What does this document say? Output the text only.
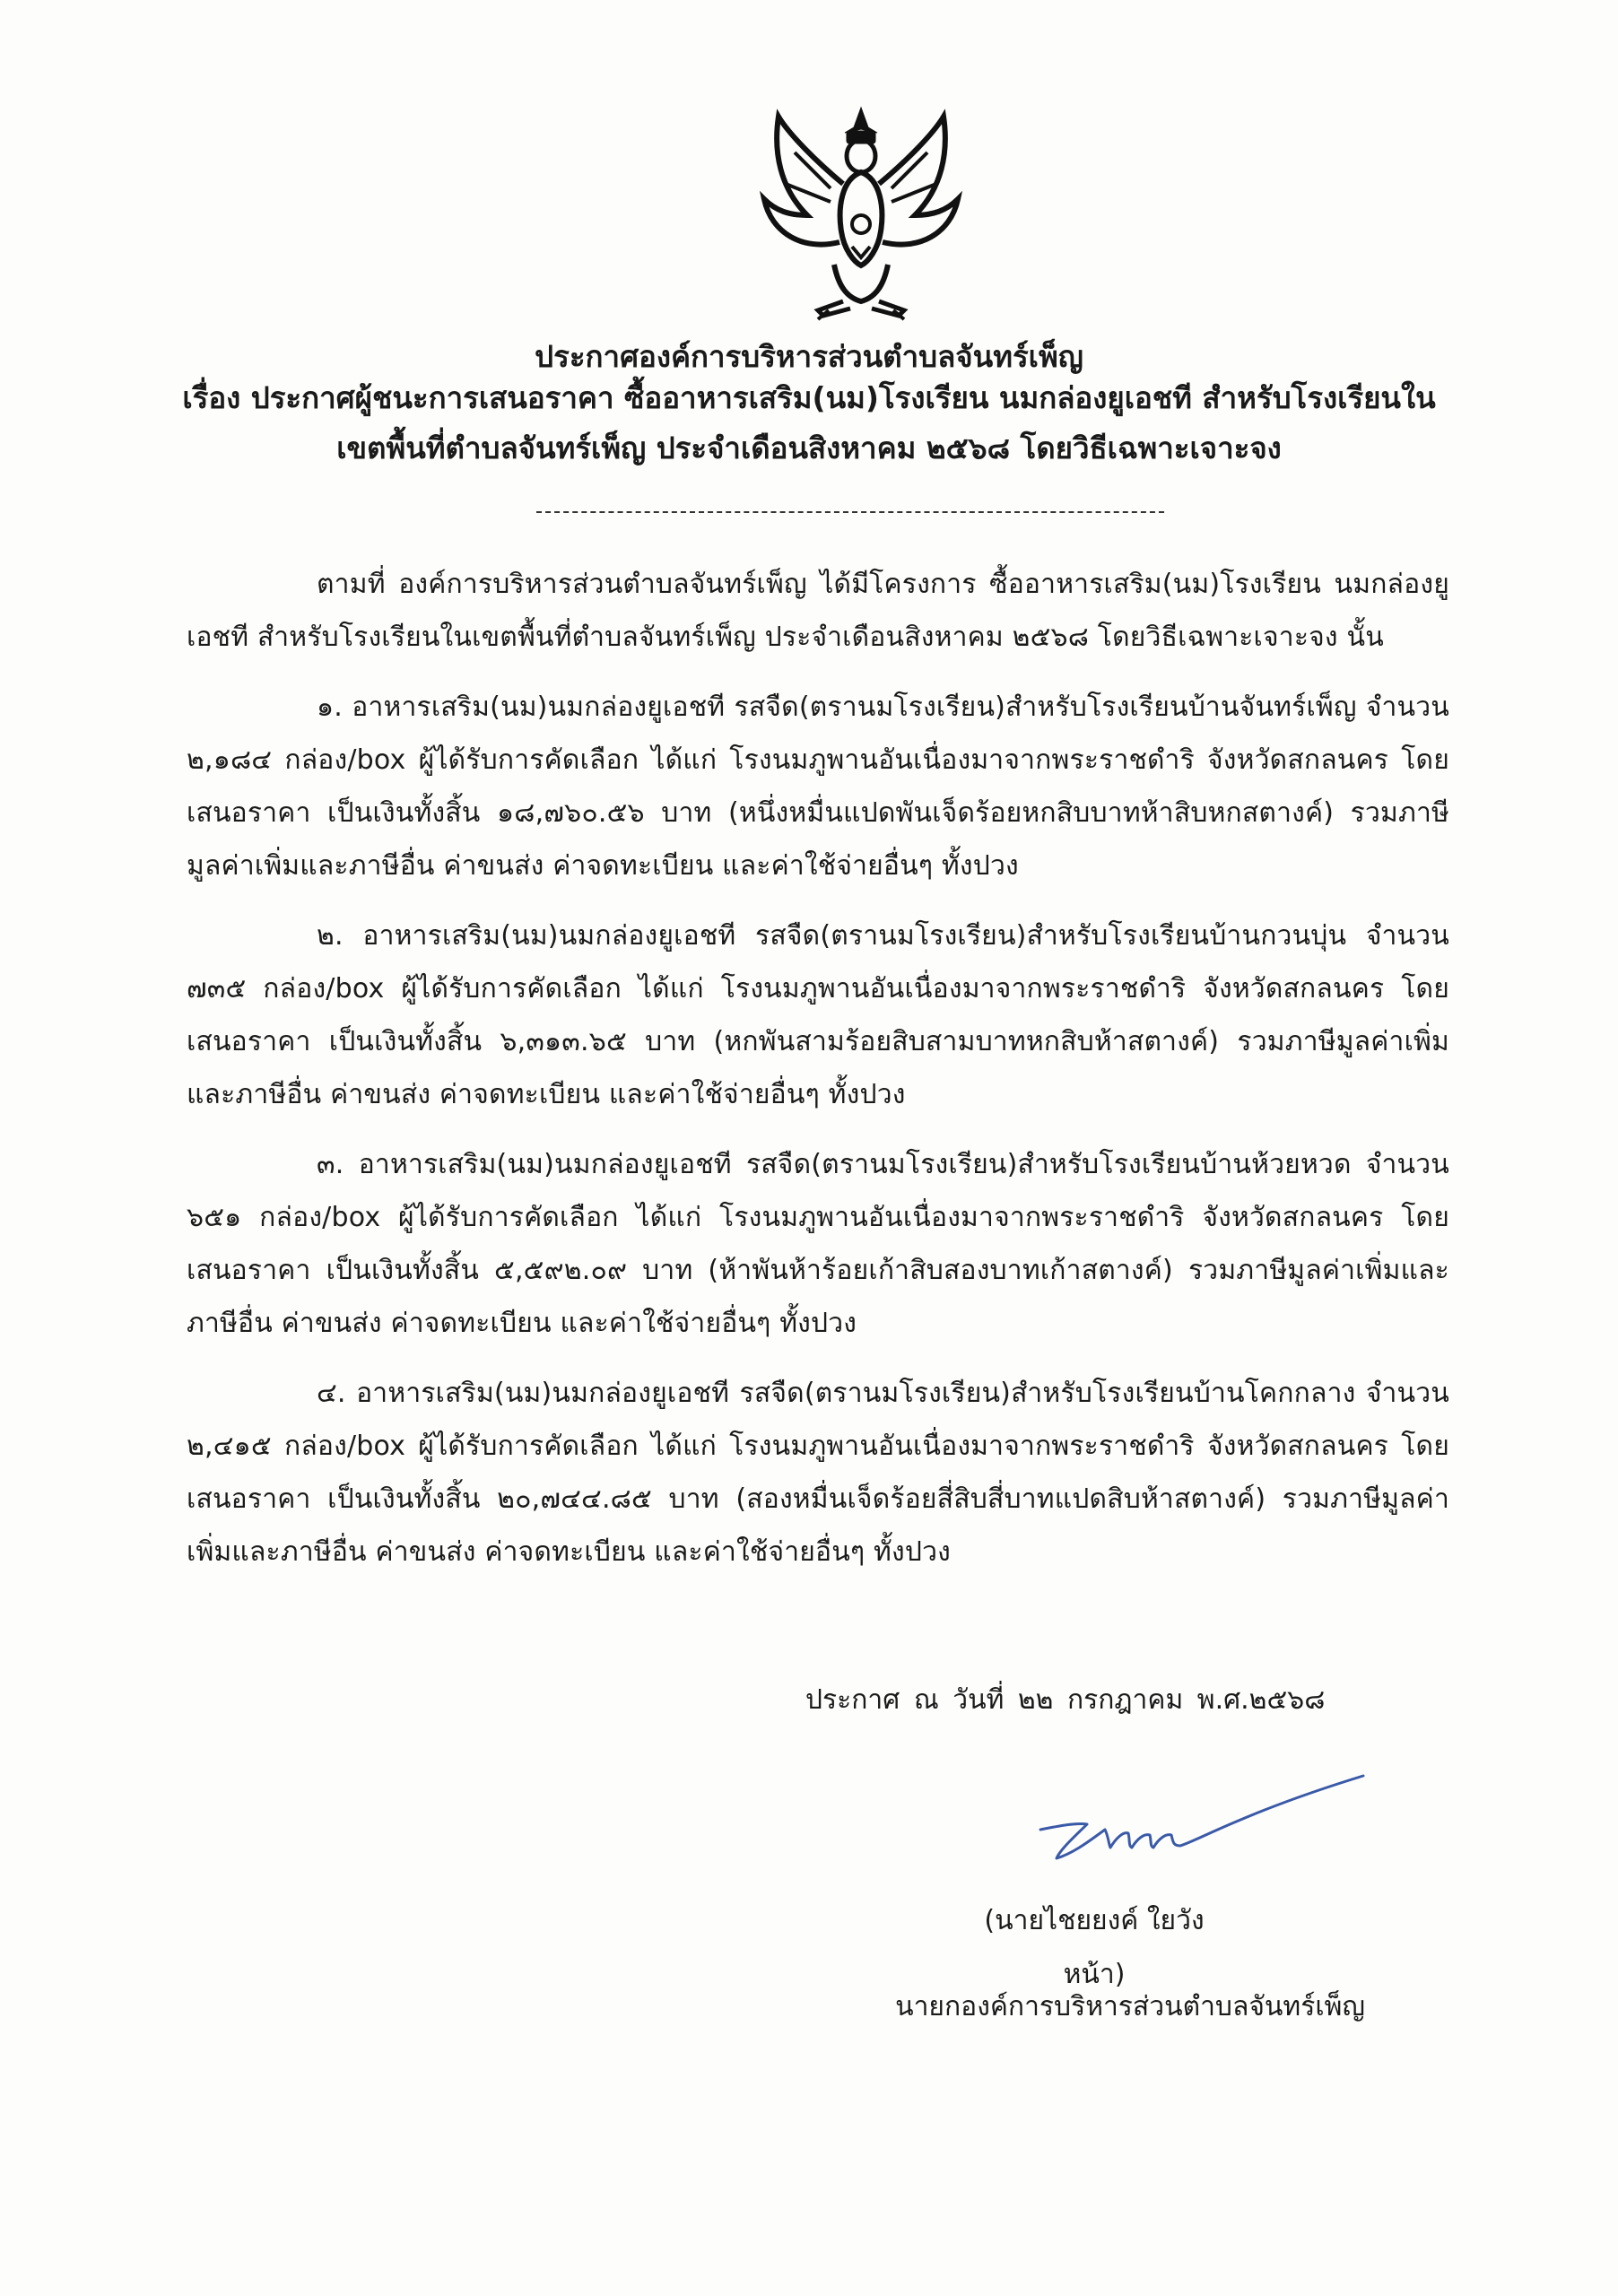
ประกาศองค์การบริหารส่วนตำบลจันทร์เพ็ญ
เรื่อง ประกาศผู้ชนะการเสนอราคา ซื้ออาหารเสริม(นม)โรงเรียน นมกล่องยูเอชที สำหรับโรงเรียนในเขตพื้นที่ตำบลจันทร์เพ็ญ ประจำเดือนสิงหาคม ๒๕๖๘ โดยวิธีเฉพาะเจาะจง

ตามที่ องค์การบริหารส่วนตำบลจันทร์เพ็ญ ได้มีโครงการ ซื้ออาหารเสริม(นม)โรงเรียน นมกล่องยูเอชที สำหรับโรงเรียนในเขตพื้นที่ตำบลจันทร์เพ็ญ ประจำเดือนสิงหาคม ๒๕๖๘ โดยวิธีเฉพาะเจาะจง นั้น

๑. อาหารเสริม(นม)นมกล่องยูเอชที รสจืด(ตรานมโรงเรียน)สำหรับโรงเรียนบ้านจันทร์เพ็ญ จำนวน ๒,๑๘๔ กล่อง/box ผู้ได้รับการคัดเลือก ได้แก่ โรงนมภูพานอันเนื่องมาจากพระราชดำริ จังหวัดสกลนคร โดยเสนอราคา เป็นเงินทั้งสิ้น ๑๘,๗๖๐.๕๖ บาท (หนึ่งหมื่นแปดพันเจ็ดร้อยหกสิบบาทห้าสิบหกสตางค์) รวมภาษีมูลค่าเพิ่มและภาษีอื่น ค่าขนส่ง ค่าจดทะเบียน และค่าใช้จ่ายอื่นๆ ทั้งปวง

๒. อาหารเสริม(นม)นมกล่องยูเอชที รสจืด(ตรานมโรงเรียน)สำหรับโรงเรียนบ้านกวนบุ่น จำนวน ๗๓๕ กล่อง/box ผู้ได้รับการคัดเลือก ได้แก่ โรงนมภูพานอันเนื่องมาจากพระราชดำริ จังหวัดสกลนคร โดยเสนอราคา เป็นเงินทั้งสิ้น ๖,๓๑๓.๖๕ บาท (หกพันสามร้อยสิบสามบาทหกสิบห้าสตางค์) รวมภาษีมูลค่าเพิ่มและภาษีอื่น ค่าขนส่ง ค่าจดทะเบียน และค่าใช้จ่ายอื่นๆ ทั้งปวง

๓. อาหารเสริม(นม)นมกล่องยูเอชที รสจืด(ตรานมโรงเรียน)สำหรับโรงเรียนบ้านห้วยหวด จำนวน ๖๕๑ กล่อง/box ผู้ได้รับการคัดเลือก ได้แก่ โรงนมภูพานอันเนื่องมาจากพระราชดำริ จังหวัดสกลนคร โดยเสนอราคา เป็นเงินทั้งสิ้น ๕,๕๙๒.๐๙ บาท (ห้าพันห้าร้อยเก้าสิบสองบาทเก้าสตางค์) รวมภาษีมูลค่าเพิ่มและภาษีอื่น ค่าขนส่ง ค่าจดทะเบียน และค่าใช้จ่ายอื่นๆ ทั้งปวง

๔. อาหารเสริม(นม)นมกล่องยูเอชที รสจืด(ตรานมโรงเรียน)สำหรับโรงเรียนบ้านโคกกลาง จำนวน ๒,๔๑๕ กล่อง/box ผู้ได้รับการคัดเลือก ได้แก่ โรงนมภูพานอันเนื่องมาจากพระราชดำริ จังหวัดสกลนคร โดยเสนอราคา เป็นเงินทั้งสิ้น ๒๐,๗๔๔.๘๕ บาท (สองหมื่นเจ็ดร้อยสี่สิบสี่บาทแปดสิบห้าสตางค์) รวมภาษีมูลค่าเพิ่มและภาษีอื่น ค่าขนส่ง ค่าจดทะเบียน และค่าใช้จ่ายอื่นๆ ทั้งปวง

ประกาศ ณ วันที่ ๒๒ กรกฎาคม พ.ศ.๒๕๖๘
(นายไชยยงค์ ใยวังหน้า)
นายกองค์การบริหารส่วนตำบลจันทร์เพ็ญ
